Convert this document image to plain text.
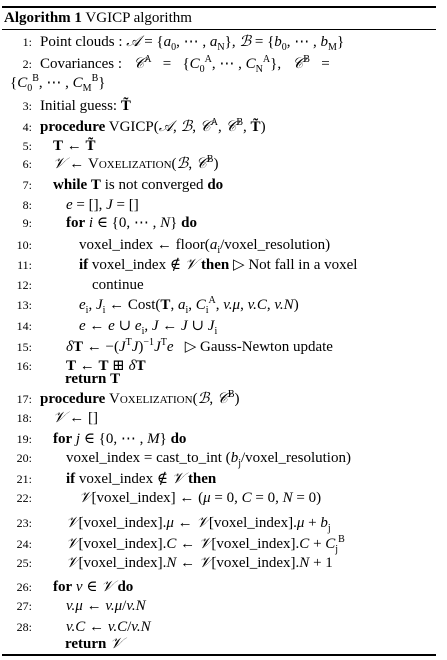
Algorithm 1 VGICP algorithm
1: Point clouds : 𝒜 = {$a_0$, ⋯ , $a_N$}, ℬ = {$b_0$, ⋯ , $b_M$}
2: Covariances :   𝒞$^A$   =   {$C_0^A$, ⋯ , $C_N^A$},   𝒞$^B$   =
{$C_0^B$, ⋯ , $C_M^B$}
3: Initial guess: T̃
4: procedure VGICP(𝒜, ℬ, 𝒞$^A$, 𝒞$^B$, T̃)
5: T ← T̃
6: 𝒱 ← Voxelization(ℬ, 𝒞$^B$)
7: while T is not converged do
8: e = [], J = []
9: for i ∈ {0, ⋯ , N} do
10:	voxel_index ← $floor(a_i/voxel\_resolution)$
11:	if voxel_index ∉ 𝒱 then ▷ Not fall in a voxel
12:	continue
13:	$e_i$, $J_i$ ← Cost(T, $a_i$, $C_i^A$, v.μ, v.C, v.N)
14:	e ← e ∪ $e_i$, J ← J ∪ $J_i$
15: δT ← $-(J^TJ)^{-1}J^Te$   ▷ Gauss-Newton update
16: T ← T ⊞ δT
return T
17: procedure Voxelization(ℬ, 𝒞$^B$)
18: 𝒱 ← []
19: for j ∈ {0, ⋯ , M} do
20: voxel_index = cast_to_int $(b_j/voxel\_resolution)$
21: if voxel_index ∉ 𝒱 then
22:	𝒱[voxel_index] ← (μ = 0, C = 0, N = 0)
23: 𝒱[voxel_index].μ ← 𝒱[voxel_index].μ + $b_j$
24: 𝒱[voxel_index].C ← 𝒱[voxel_index].C + $C_j^B$
25: 𝒱[voxel_index].N ← 𝒱[voxel_index].N + 1
26: for v ∈ 𝒱 do
27: v.μ ← v.μ/v.N
28: v.C ← v.C/v.N
return 𝒱
